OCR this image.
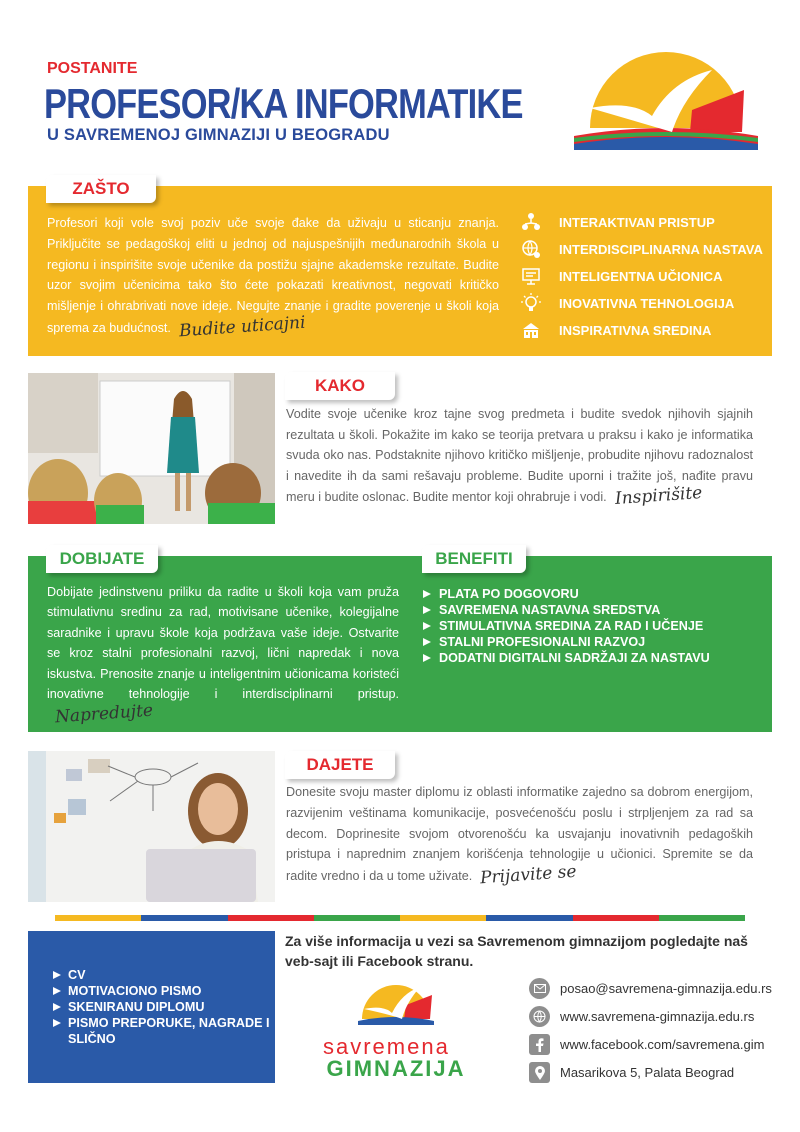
POSTANITE
PROFESOR/KA INFORMATIKE
U SAVREMENOJ GIMNAZIJI U BEOGRADU
ZAŠTO
Profesori koji vole svoj poziv uče svoje đake da uživaju u sticanju znanja. Priključite se pedagoškoj eliti u jednoj od najuspešnijih međunarodnih škola u regionu i inspirišite svoje učenike da postižu sjajne akademske rezultate. Budite uzor svojim učenicima tako što ćete pokazati kreativnost, negovati kritičko mišljenje i ohrabrivati nove ideje. Negujte znanje i gradite poverenje u školi koja sprema za budućnost. Budite uticajni
INTERAKTIVAN PRISTUP
INTERDISCIPLINARNA NASTAVA
INTELIGENTNA UČIONICA
INOVATIVNA TEHNOLOGIJA
INSPIRATIVNA SREDINA
KAKO
Vodite svoje učenike kroz tajne svog predmeta i budite svedok njihovih sjajnih rezultata u školi. Pokažite im kako se teorija pretvara u praksu i kako je informatika svuda oko nas. Podstaknite njihovo kritičko mišljenje, probudite njihovu radoznalost i navedite ih da sami rešavaju probleme. Budite uporni i tražite još, nađite pravu meru i budite oslonac. Budite mentor koji ohrabruje i vodi. Inspirišite
DOBIJATE	BENEFITI
Dobijate jedinstvenu priliku da radite u školi koja vam pruža stimulativnu sredinu za rad, motivisane učenike, kolegijalne saradnike i upravu škole koja podržava vaše ideje. Ostvarite se kroz stalni profesionalni razvoj, lični napredak i nova iskustva. Prenosite znanje u inteligentnim učionicama koristeći inovativne tehnologije i interdisciplinarni pristup.Napredujte
PLATA PO DOGOVORU
SAVREMENA NASTAVNA SREDSTVA
STIMULATIVNA SREDINA ZA RAD I UČENJE
STALNI PROFESIONALNI RAZVOJ
DODATNI DIGITALNI SADRŽAJI ZA NASTAVU
DAJETE
Donesite svoju master diplomu iz oblasti informatike zajedno sa dobrom energijom, razvijenim veštinama komunikacije, posvećenošću poslu i strpljenjem za rad sa decom. Doprinesite svojom otvorenošću ka usvajanju inovativnih pedagoških pristupa i naprednim znanjem korišćenja tehnologije u učionici. Spremite se da radite vredno i da u tome uživate. Prijavite se
CV
MOTIVACIONO PISMO
SKENIRANU DIPLOMU
PISMO PREPORUKE, NAGRADE I SLIČNO
Za više informacija u vezi sa Savremenom gimnazijom pogledajte naš veb-sajt ili Facebook stranu.
savremena
GIMNAZIJA
posao@savremena-gimnazija.edu.rs
www.savremena-gimnazija.edu.rs
www.facebook.com/savremena.gim
Masarikova 5, Palata Beograd
